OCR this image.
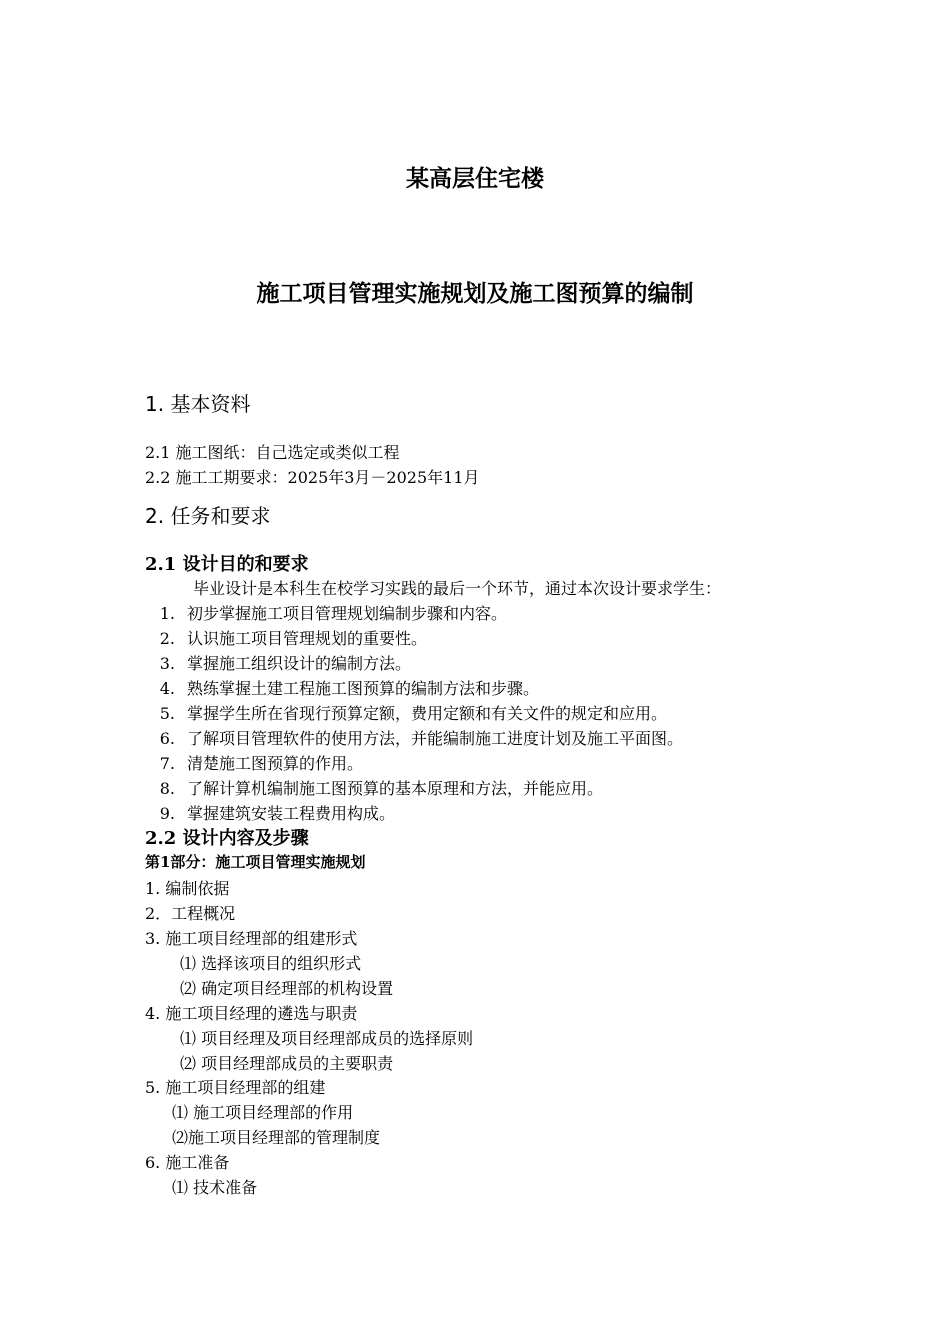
某高层住宅楼
施工项目管理实施规划及施工图预算的编制
1. 基本资料
2.1 施工图纸：自己选定或类似工程
2.2 施工工期要求：2025年3月－2025年11月
2. 任务和要求
2.1 设计目的和要求
毕业设计是本科生在校学习实践的最后一个环节，通过本次设计要求学生：
1. 初步掌握施工项目管理规划编制步骤和内容。
2. 认识施工项目管理规划的重要性。
3. 掌握施工组织设计的编制方法。
4. 熟练掌握土建工程施工图预算的编制方法和步骤。
5. 掌握学生所在省现行预算定额，费用定额和有关文件的规定和应用。
6. 了解项目管理软件的使用方法，并能编制施工进度计划及施工平面图。
7. 清楚施工图预算的作用。
8. 了解计算机编制施工图预算的基本原理和方法，并能应用。
9. 掌握建筑安装工程费用构成。
2.2 设计内容及步骤
第1部分：施工项目管理实施规划
1. 编制依据
2．工程概况
3. 施工项目经理部的组建形式
⑴ 选择该项目的组织形式
⑵ 确定项目经理部的机构设置
4. 施工项目经理的遴选与职责
⑴ 项目经理及项目经理部成员的选择原则
⑵ 项目经理部成员的主要职责
5. 施工项目经理部的组建
⑴ 施工项目经理部的作用
⑵施工项目经理部的管理制度
6. 施工准备
⑴ 技术准备
